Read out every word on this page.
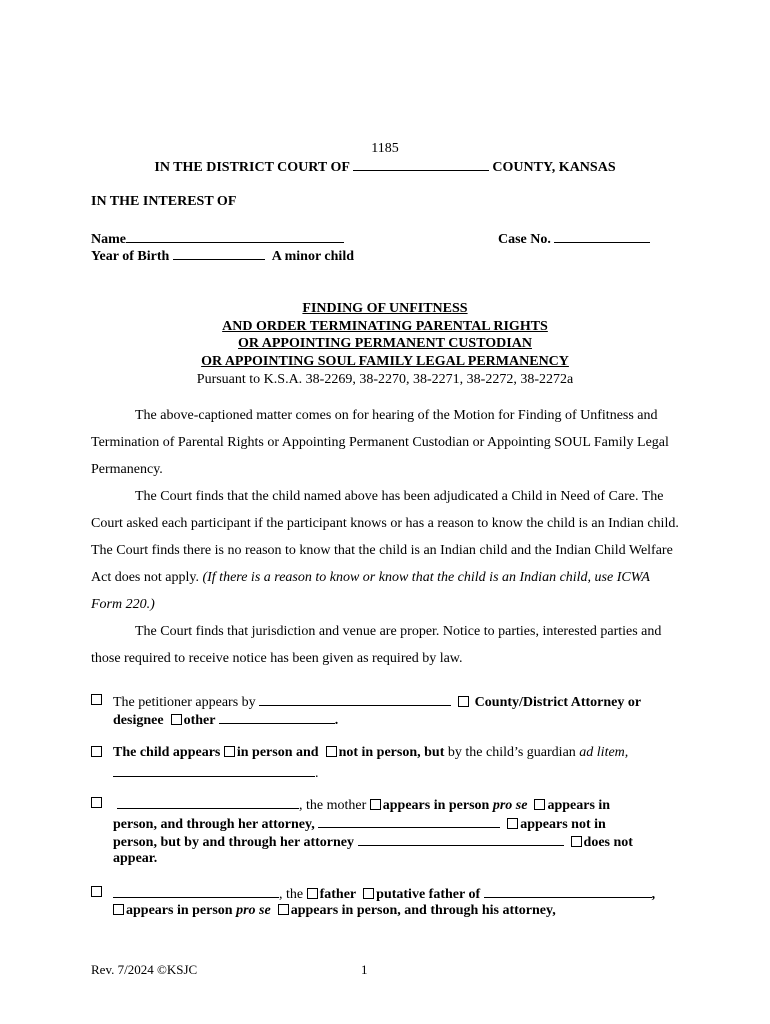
1185
IN THE DISTRICT COURT OF	COUNTY, KANSAS
IN THE INTEREST OF
Name	Case No.
Year of Birth	A minor child
FINDING OF UNFITNESS
AND ORDER TERMINATING PARENTAL RIGHTS
OR APPOINTING PERMANENT CUSTODIAN
OR APPOINTING SOUL FAMILY LEGAL PERMANENCY
Pursuant to K.S.A. 38-2269, 38-2270, 38-2271, 38-2272, 38-2272a
The above-captioned matter comes on for hearing of the Motion for Finding of Unfitness and Termination of Parental Rights or Appointing Permanent Custodian or Appointing SOUL Family Legal Permanency.
The Court finds that the child named above has been adjudicated a Child in Need of Care. The Court asked each participant if the participant knows or has a reason to know the child is an Indian child. The Court finds there is no reason to know that the child is an Indian child and the Indian Child Welfare Act does not apply. (If there is a reason to know or know that the child is an Indian child, use ICWA Form 220.)
The Court finds that jurisdiction and venue are proper. Notice to parties, interested parties and those required to receive notice has been given as required by law.
The petitioner appears by	County/District Attorney or
designee other	.
The child appears in person and not in person, but by the child’s guardian ad litem,
.
, the mother appears in person pro se appears in
person, and through her attorney,	appears not in
person, but by and through her attorney	does not
appear.
, the father putative father of	,
appears in person pro se appears in person, and through his attorney,
Rev. 7/2024 ©KSJC	1
